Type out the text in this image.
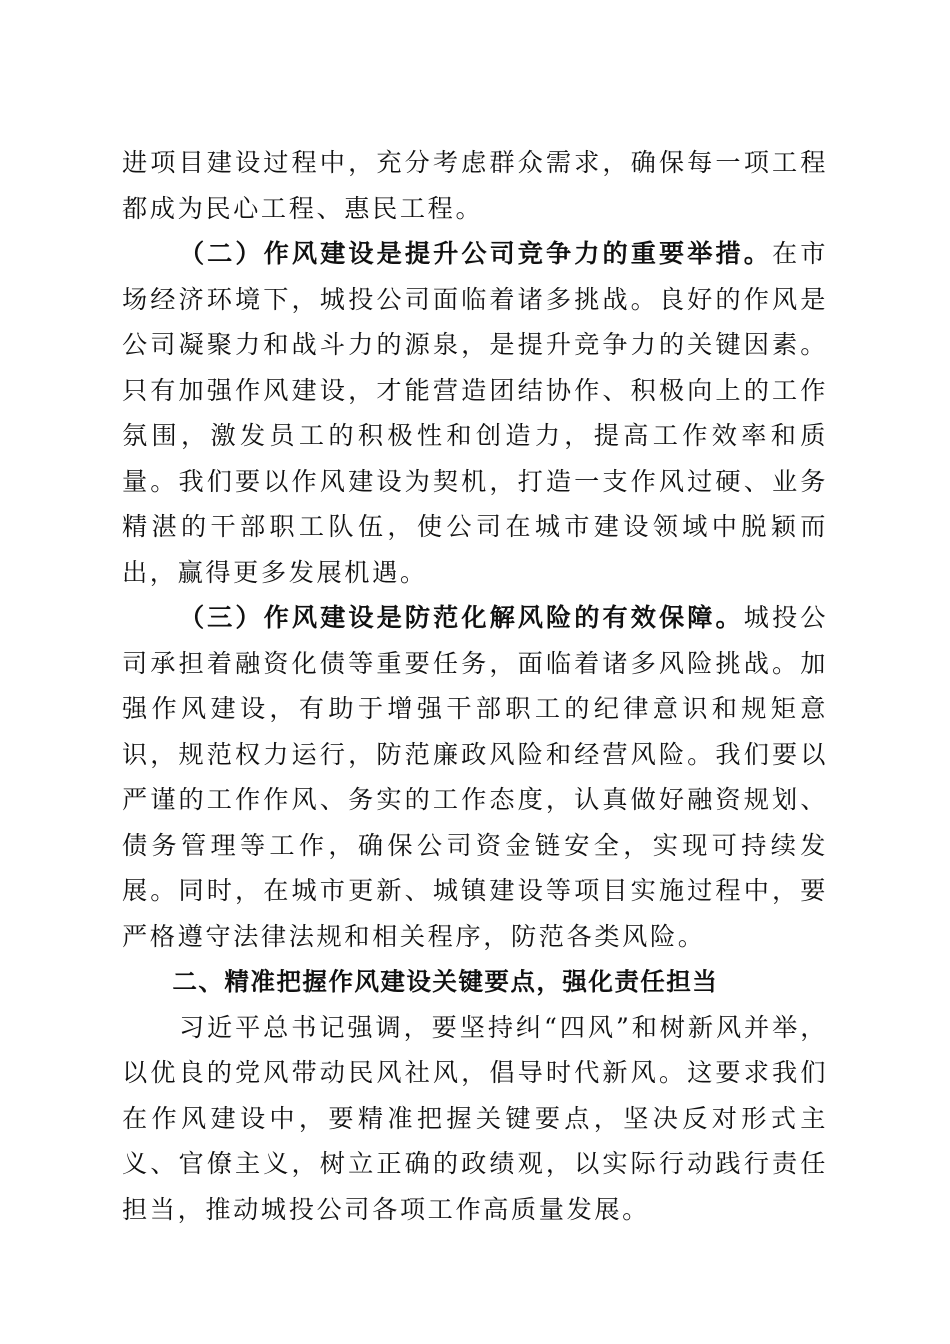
进项目建设过程中，充分考虑群众需求，确保每一项工程都成为民心工程、惠民工程。

（二）作风建设是提升公司竞争力的重要举措。在市场经济环境下，城投公司面临着诸多挑战。良好的作风是公司凝聚力和战斗力的源泉，是提升竞争力的关键因素。只有加强作风建设，才能营造团结协作、积极向上的工作氛围，激发员工的积极性和创造力，提高工作效率和质量。我们要以作风建设为契机，打造一支作风过硬、业务精湛的干部职工队伍，使公司在城市建设领域中脱颖而出，赢得更多发展机遇。

（三）作风建设是防范化解风险的有效保障。城投公司承担着融资化债等重要任务，面临着诸多风险挑战。加强作风建设，有助于增强干部职工的纪律意识和规矩意识，规范权力运行，防范廉政风险和经营风险。我们要以严谨的工作作风、务实的工作态度，认真做好融资规划、债务管理等工作，确保公司资金链安全，实现可持续发展。同时，在城市更新、城镇建设等项目实施过程中，要严格遵守法律法规和相关程序，防范各类风险。

二、精准把握作风建设关键要点，强化责任担当

习近平总书记强调，要坚持纠“四风”和树新风并举，以优良的党风带动民风社风，倡导时代新风。这要求我们在作风建设中，要精准把握关键要点，坚决反对形式主义、官僚主义，树立正确的政绩观，以实际行动践行责任担当，推动城投公司各项工作高质量发展。
